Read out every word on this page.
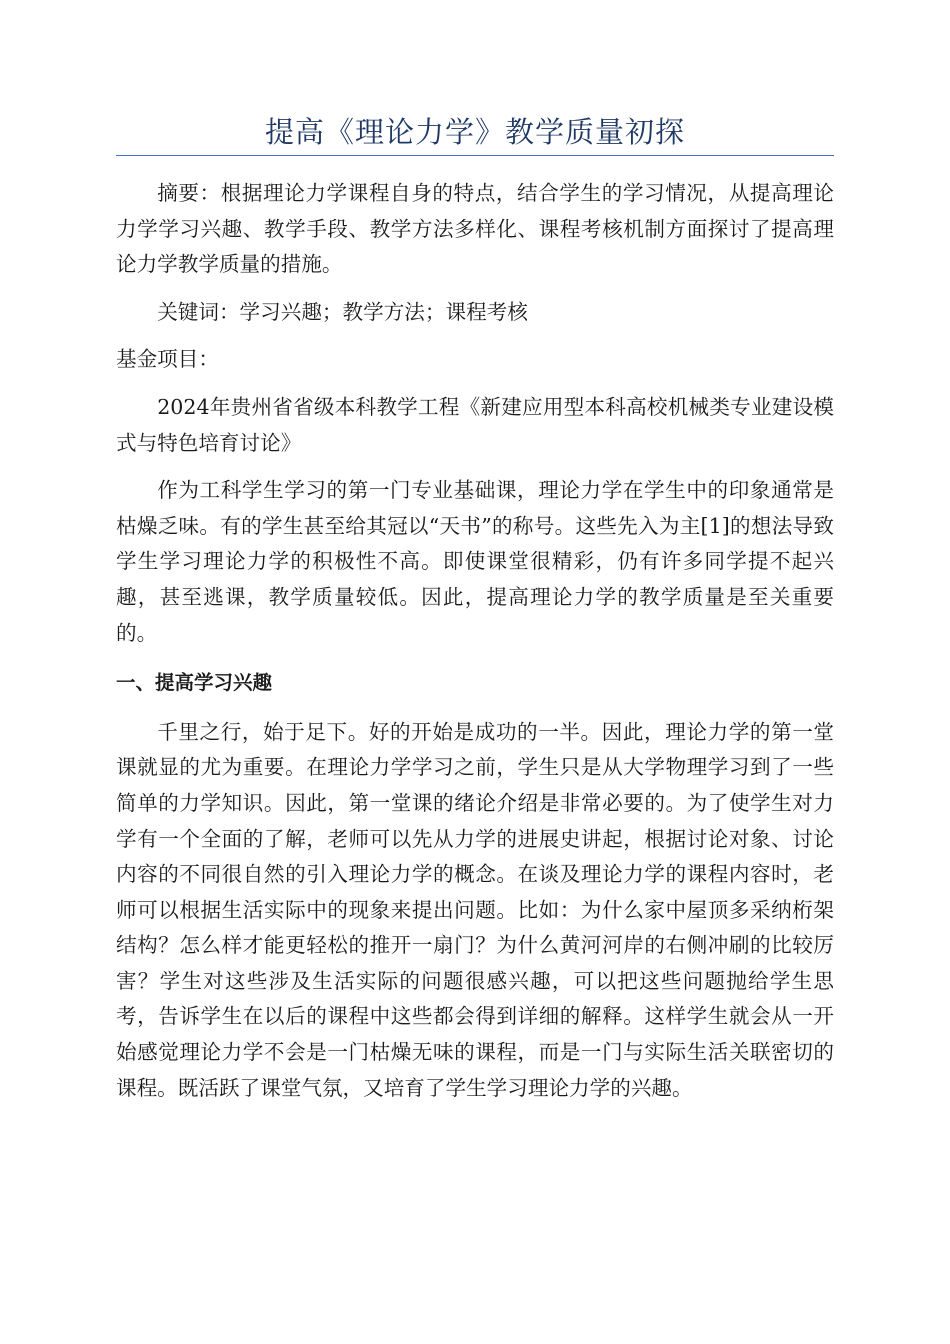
提高《理论力学》教学质量初探

摘要：根据理论力学课程自身的特点，结合学生的学习情况，从提高理论力学学习兴趣、教学手段、教学方法多样化、课程考核机制方面探讨了提高理论力学教学质量的措施。

关键词：学习兴趣；教学方法；课程考核

基金项目：

2024年贵州省省级本科教学工程《新建应用型本科高校机械类专业建设模式与特色培育讨论》

作为工科学生学习的第一门专业基础课，理论力学在学生中的印象通常是枯燥乏味。有的学生甚至给其冠以“天书”的称号。这些先入为主[1]的想法导致学生学习理论力学的积极性不高。即使课堂很精彩，仍有许多同学提不起兴趣，甚至逃课，教学质量较低。因此，提高理论力学的教学质量是至关重要的。

一、提高学习兴趣

千里之行，始于足下。好的开始是成功的一半。因此，理论力学的第一堂课就显的尤为重要。在理论力学学习之前，学生只是从大学物理学习到了一些简单的力学知识。因此，第一堂课的绪论介绍是非常必要的。为了使学生对力学有一个全面的了解，老师可以先从力学的进展史讲起，根据讨论对象、讨论内容的不同很自然的引入理论力学的概念。在谈及理论力学的课程内容时，老师可以根据生活实际中的现象来提出问题。比如：为什么家中屋顶多采纳桁架结构？怎么样才能更轻松的推开一扇门？为什么黄河河岸的右侧冲刷的比较厉害？学生对这些涉及生活实际的问题很感兴趣，可以把这些问题抛给学生思考，告诉学生在以后的课程中这些都会得到详细的解释。这样学生就会从一开始感觉理论力学不会是一门枯燥无味的课程，而是一门与实际生活关联密切的课程。既活跃了课堂气氛，又培育了学生学习理论力学的兴趣。
